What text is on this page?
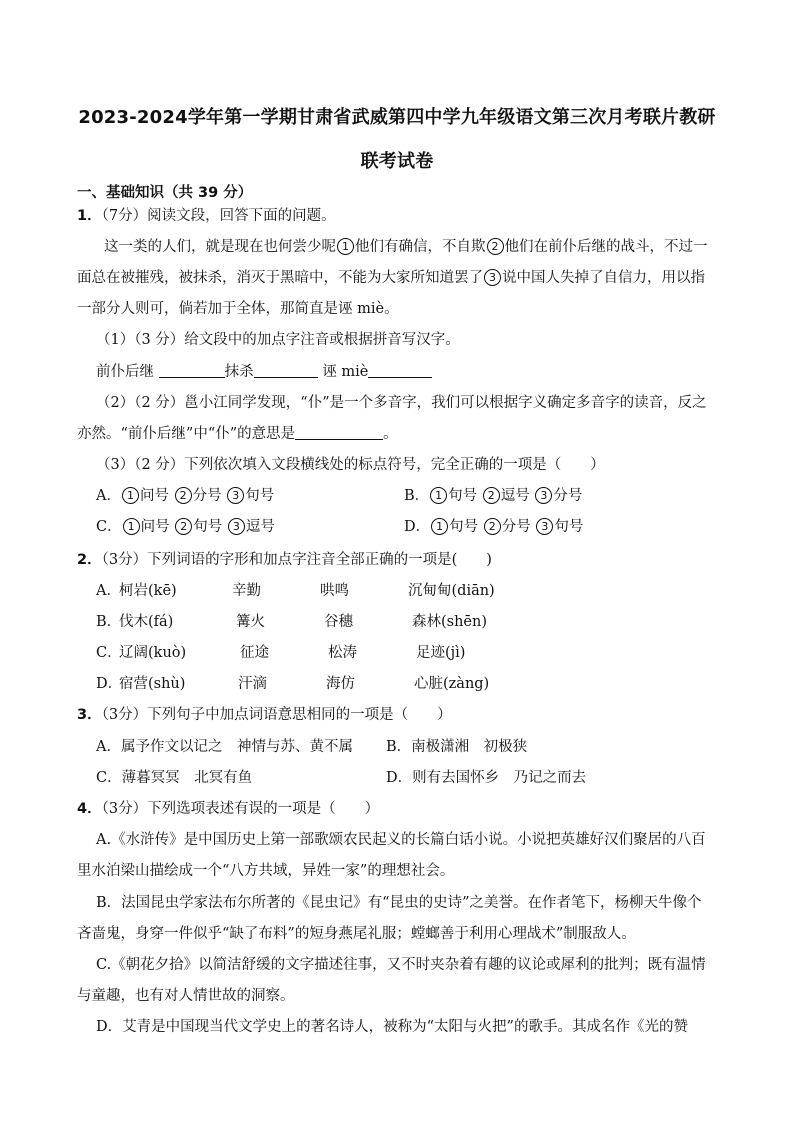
2023-2024学年第一学期甘肃省武威第四中学九年级语文第三次月考联片教研
联考试卷
一、基础知识（共 39 分）
1．（7分）阅读文段，回答下面的问题。
这一类的人们，就是现在也何尝少呢 1 他们有确信，不自欺 2 他们在前仆后继的战斗，不过一
面总在被摧残，被抹杀，消灭于黑暗中，不能为大家所知道罢了 3 说中国人失掉了自信力，用以指
一部分人则可，倘若加于全体，那简直是诬 miè。
（1）（3 分）给文段中的加点字注音或根据拼音写汉字。
前仆后继	抹杀	诬 miè
（2）（2 分）邕小江同学发现，“仆”是一个多音字，我们可以根据字义确定多音字的读音，反之
亦然。“前仆后继”中“仆”的意思是	。
（3）（2 分）下列依次填入文段横线处的标点符号，完全正确的一项是（　　）
A． 1 问号 2 分号 3 句号	B． 1 句号 2 逗号 3 分号
C． 1 问号 2 句号 3 逗号	D． 1 句号 2 分号 3 句号
2．（3分）下列词语的字形和加点字注音全部正确的一项是(　　)
A．
柯岩(kē)	辛勤	哄鸣	沉甸甸(diān)
B．
伐木(fá)	篝火	谷穗	森林(shēn)
C．
辽阔(kuò)	征途	松涛	足迹(jì)
D．
宿营(shù)	汗滴	海仿	心脏(zàng)
3．（3分）下列句子中加点词语意思相同的一项是（　　）
A．属予作文以记之　神情与苏、黄不属 B．南极潇湘　初极狭
C．薄暮冥冥　北冥有鱼	D．则有去国怀乡　乃记之而去
4．（3分）下列选项表述有误的一项是（　　）
A.《水浒传》是中国历史上第一部歌颂农民起义的长篇白话小说。小说把英雄好汉们聚居的八百
里水泊梁山描绘成一个“八方共域，异姓一家”的理想社会。
B．法国昆虫学家法布尔所著的《昆虫记》有“昆虫的史诗”之美誉。在作者笔下，杨柳天牛像个
吝啬鬼，身穿一件似乎“缺了布料”的短身燕尾礼服；螳螂善于利用心理战术”制服敌人。
C.《朝花夕拾》以简洁舒缓的文字描述往事，又不时夹杂着有趣的议论或犀利的批判；既有温情
与童趣，也有对人情世故的洞察。
D．艾青是中国现当代文学史上的著名诗人，被称为“太阳与火把”的歌手。其成名作《光的赞
